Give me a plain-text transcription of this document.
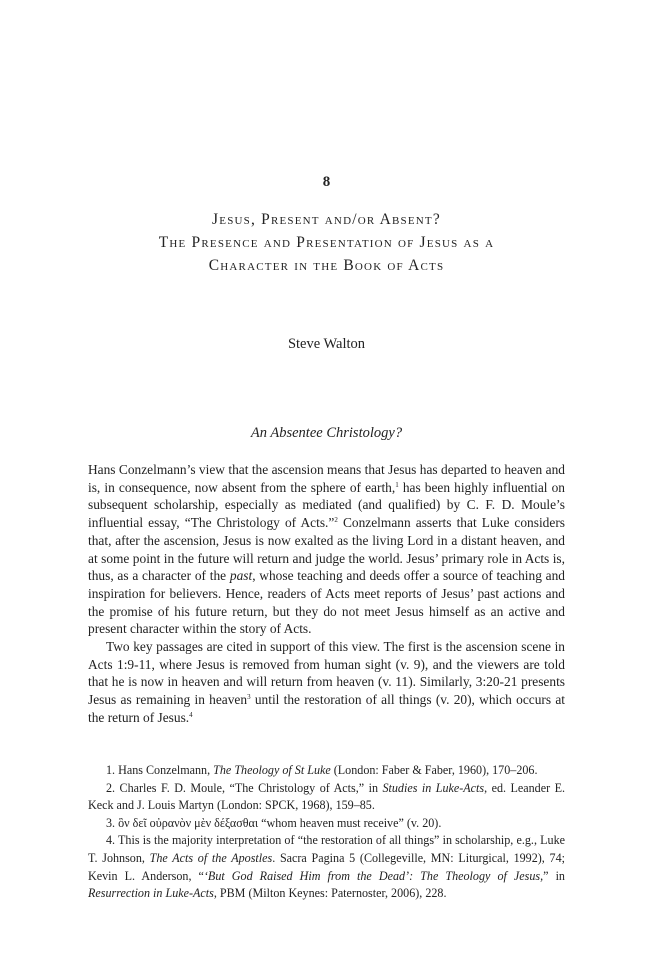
8
Jesus, Present and/or Absent?
The Presence and Presentation of Jesus as a
Character in the Book of Acts
Steve Walton
An Absentee Christology?

Hans Conzelmann’s view that the ascension means that Jesus has departed to heaven and is, in consequence, now absent from the sphere of earth,$^1$ has been highly influential on subsequent scholarship, especially as mediated (and qualified) by C. F. D. Moule’s influential essay, “The Christology of Acts.”$^2$ Conzelmann asserts that Luke considers that, after the ascension, Jesus is now exalted as the living Lord in a distant heaven, and at some point in the future will return and judge the world. Jesus’ primary role in Acts is, thus, as a character of the past, whose teaching and deeds offer a source of teaching and inspiration for believers. Hence, readers of Acts meet reports of Jesus’ past actions and the promise of his future return, but they do not meet Jesus himself as an active and present character within the story of Acts.

Two key passages are cited in support of this view. The first is the ascension scene in Acts 1:9-11, where Jesus is removed from human sight (v. 9), and the viewers are told that he is now in heaven and will return from heaven (v. 11). Similarly, 3:20-21 presents Jesus as remaining in heaven$^3$ until the restoration of all things (v. 20), which occurs at the return of Jesus.$^4$

1. Hans Conzelmann, The Theology of St Luke (London: Faber & Faber, 1960), 170–206.

2. Charles F. D. Moule, “The Christology of Acts,” in Studies in Luke-Acts, ed. Leander E. Keck and J. Louis Martyn (London: SPCK, 1968), 159–85.

3. ὃν δεῖ οὐρανὸν μὲν δέξασθαι “whom heaven must receive” (v. 20).

4. This is the majority interpretation of “the restoration of all things” in scholarship, e.g., Luke T. Johnson, The Acts of the Apostles. Sacra Pagina 5 (Collegeville, MN: Liturgical, 1992), 74; Kevin L. Anderson, “‘But God Raised Him from the Dead’: The Theology of Jesus,” in Resurrection in Luke-Acts, PBM (Milton Keynes: Paternoster, 2006), 228.
